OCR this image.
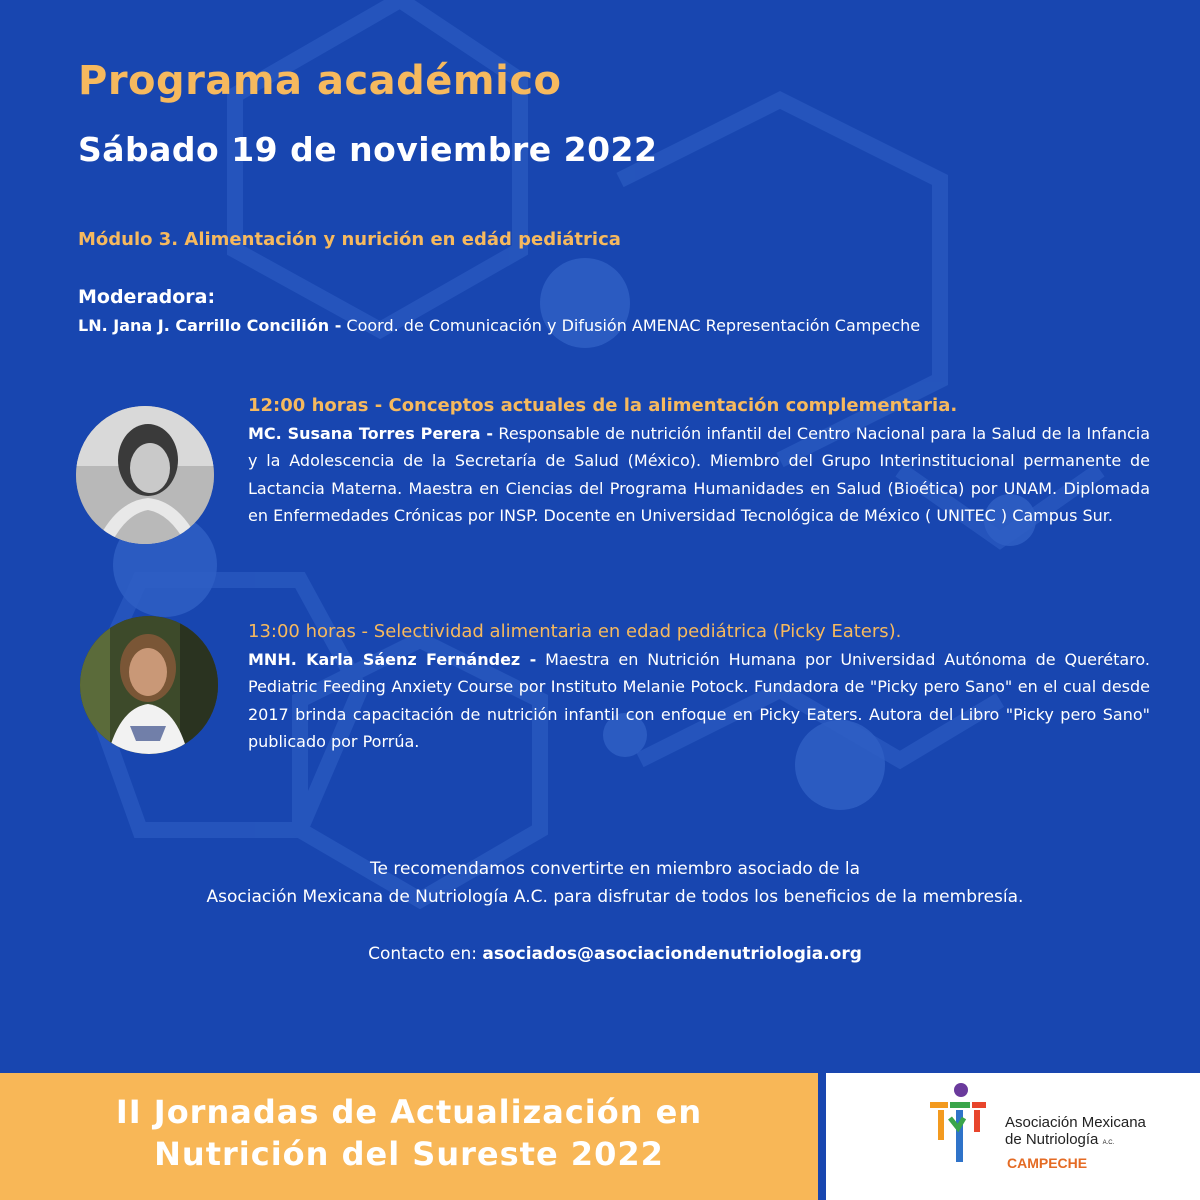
Programa académico
Sábado 19 de noviembre 2022
Módulo 3. Alimentación y nurición en edád pediátrica
Moderadora:
LN. Jana J. Carrillo Concilión - Coord. de Comunicación y Difusión AMENAC Representación Campeche
12:00 horas - Conceptos actuales de la alimentación complementaria.
MC. Susana Torres Perera - Responsable de nutrición infantil del Centro Nacional para la Salud de la Infancia y la Adolescencia de la Secretaría de Salud (México). Miembro del Grupo Interinstitucional permanente de Lactancia Materna. Maestra en Ciencias del Programa Humanidades en Salud (Bioética) por UNAM. Diplomada en Enfermedades Crónicas por INSP. Docente en Universidad Tecnológica de México ( UNITEC ) Campus Sur.
13:00 horas - Selectividad alimentaria en edad pediátrica (Picky Eaters).
MNH. Karla Sáenz Fernández - Maestra en Nutrición Humana por Universidad Autónoma de Querétaro. Pediatric Feeding Anxiety Course por Instituto Melanie Potock. Fundadora de "Picky pero Sano" en el cual desde 2017 brinda capacitación de nutrición infantil con enfoque en Picky Eaters. Autora del Libro "Picky pero Sano" publicado por Porrúa.
Te recomendamos convertirte en miembro asociado de la
Asociación Mexicana de Nutriología A.C. para disfrutar de todos los beneficios de la membresía.
Contacto en: asociados@asociaciondenutriologia.org
II Jornadas de Actualización en
Nutrición del Sureste 2022
Asociación Mexicana
de Nutriología A.C.
CAMPECHE
